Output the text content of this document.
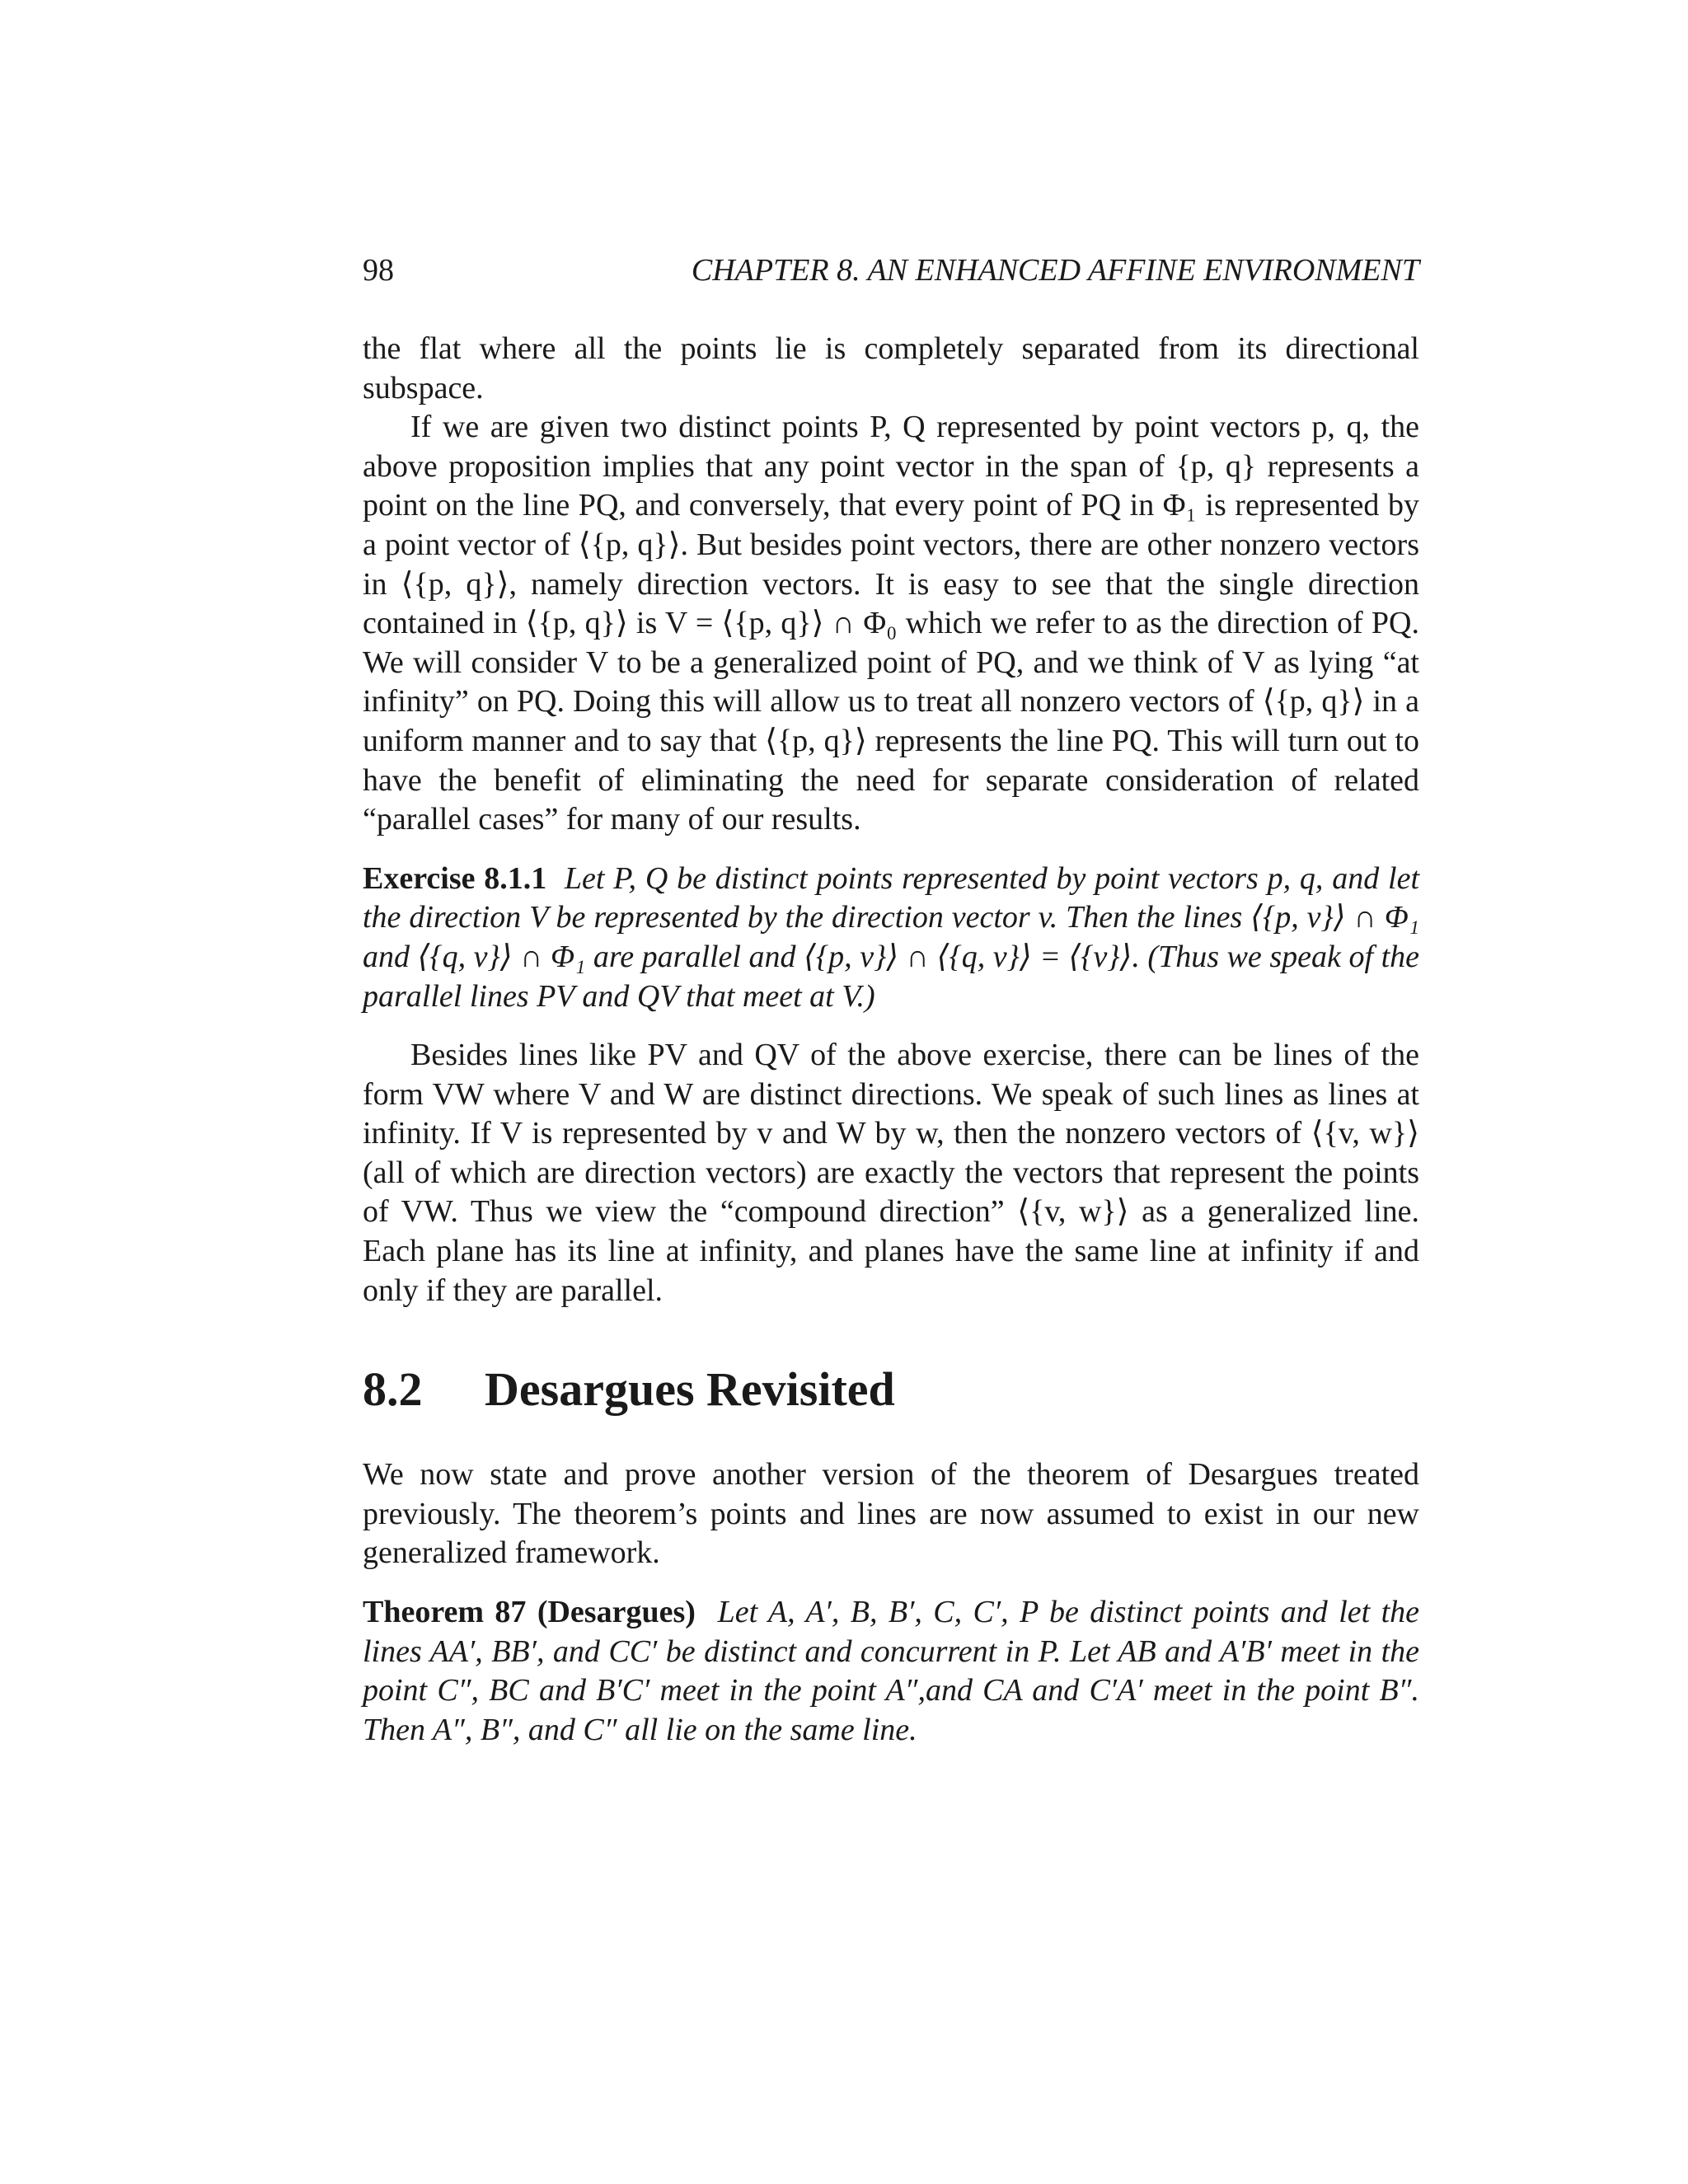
98	CHAPTER 8. AN ENHANCED AFFINE ENVIRONMENT

the flat where all the points lie is completely separated from its directional subspace.

If we are given two distinct points P, Q represented by point vectors p, q, the above proposition implies that any point vector in the span of {p, q} represents a point on the line PQ, and conversely, that every point of PQ in Φ₁ is represented by a point vector of ⟨{p, q}⟩. But besides point vectors, there are other nonzero vectors in ⟨{p, q}⟩, namely direction vectors. It is easy to see that the single direction contained in ⟨{p, q}⟩ is V = ⟨{p, q}⟩ ∩ Φ₀ which we refer to as the direction of PQ. We will consider V to be a generalized point of PQ, and we think of V as lying “at infinity” on PQ. Doing this will allow us to treat all nonzero vectors of ⟨{p, q}⟩ in a uniform manner and to say that ⟨{p, q}⟩ represents the line PQ. This will turn out to have the benefit of eliminating the need for separate consideration of related “parallel cases” for many of our results.

Exercise 8.1.1 Let P, Q be distinct points represented by point vectors p, q, and let the direction V be represented by the direction vector v. Then the lines ⟨{p, v}⟩ ∩ Φ₁ and ⟨{q, v}⟩ ∩ Φ₁ are parallel and ⟨{p, v}⟩ ∩ ⟨{q, v}⟩ = ⟨{v}⟩. (Thus we speak of the parallel lines PV and QV that meet at V.)

Besides lines like PV and QV of the above exercise, there can be lines of the form VW where V and W are distinct directions. We speak of such lines as lines at infinity. If V is represented by v and W by w, then the nonzero vectors of ⟨{v, w}⟩ (all of which are direction vectors) are exactly the vectors that represent the points of VW. Thus we view the “compound direction” ⟨{v, w}⟩ as a generalized line. Each plane has its line at infinity, and planes have the same line at infinity if and only if they are parallel.

8.2	Desargues Revisited

We now state and prove another version of the theorem of Desargues treated previously. The theorem’s points and lines are now assumed to exist in our new generalized framework.

Theorem 87 (Desargues) Let A, A′, B, B′, C, C′, P be distinct points and let the lines AA′, BB′, and CC′ be distinct and concurrent in P. Let AB and A′B′ meet in the point C″, BC and B′C′ meet in the point A″,and CA and C′A′ meet in the point B″. Then A″, B″, and C″ all lie on the same line.
